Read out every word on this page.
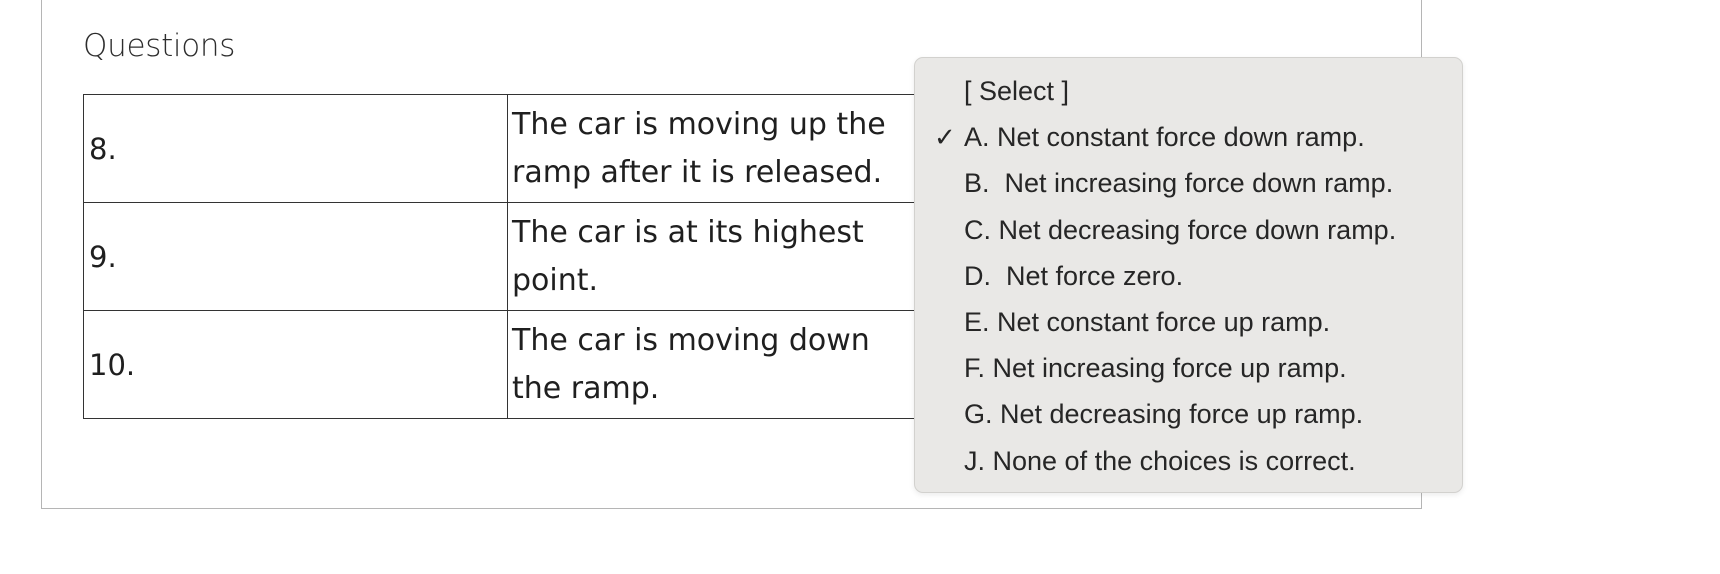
Questions
8.	The car is moving up the ramp after it is released.
9.	The car is at its highest point.
10.	The car is moving down the ramp.
[ Select ]
✓ A. Net constant force down ramp.
B.  Net increasing force down ramp.
C. Net decreasing force down ramp.
D.  Net force zero.
E. Net constant force up ramp.
F. Net increasing force up ramp.
G. Net decreasing force up ramp.
J. None of the choices is correct.
